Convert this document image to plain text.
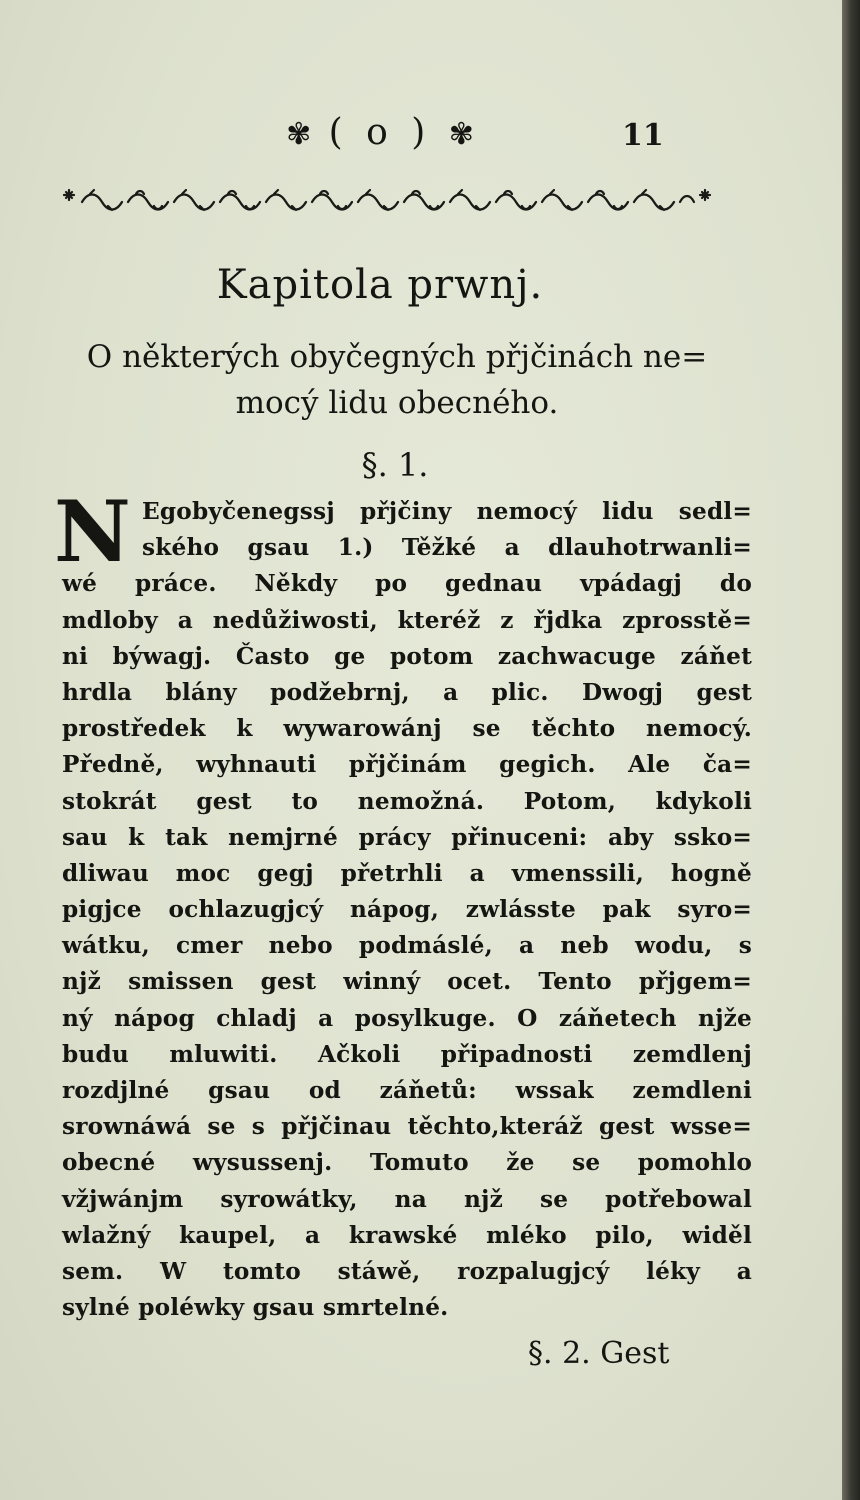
✾ ( o ) ✾	11
Kapitola prwnj.
O některých obyčegných přjčinách ne=
mocý lidu obecného.
§. 1.
N Egobyčenegssj přjčiny nemocý lidu sedl=
ského gsau 1.) Těžké a dlauhotrwanli=
wé práce. Někdy po gednau vpádagj do
mdloby a nedůžiwosti, kteréž z řjdka zprosstě=
ni býwagj. Často ge potom zachwacuge záňet
hrdla blány podžebrnj, a plic. Dwogj gest
prostředek k wywarowánj se těchto nemocý.
Předně, wyhnauti přjčinám gegich. Ale ča=
stokrát gest to nemožná. Potom, kdykoli
sau k tak nemjrné prácy přinuceni: aby ssko=
dliwau moc gegj přetrhli a vmenssili, hogně
pigjce ochlazugjcý nápog, zwlásste pak syro=
wátku, cmer nebo podmáslé, a neb wodu, s
njž smissen gest winný ocet. Tento přjgem=
ný nápog chladj a posylkuge. O záňetech njže
budu mluwiti. Ačkoli připadnosti zemdlenj
rozdjlné gsau od záňetů: wssak zemdleni
srownáwá se s přjčinau těchto,kteráž gest wsse=
obecné wysussenj. Tomuto že se pomohlo
vžjwánjm syrowátky, na njž se potřebowal
wlažný kaupel, a krawské mléko pilo, widěl
sem. W tomto stáwě, rozpalugjcý léky a
sylné poléwky gsau smrtelné.
§. 2. Gest
